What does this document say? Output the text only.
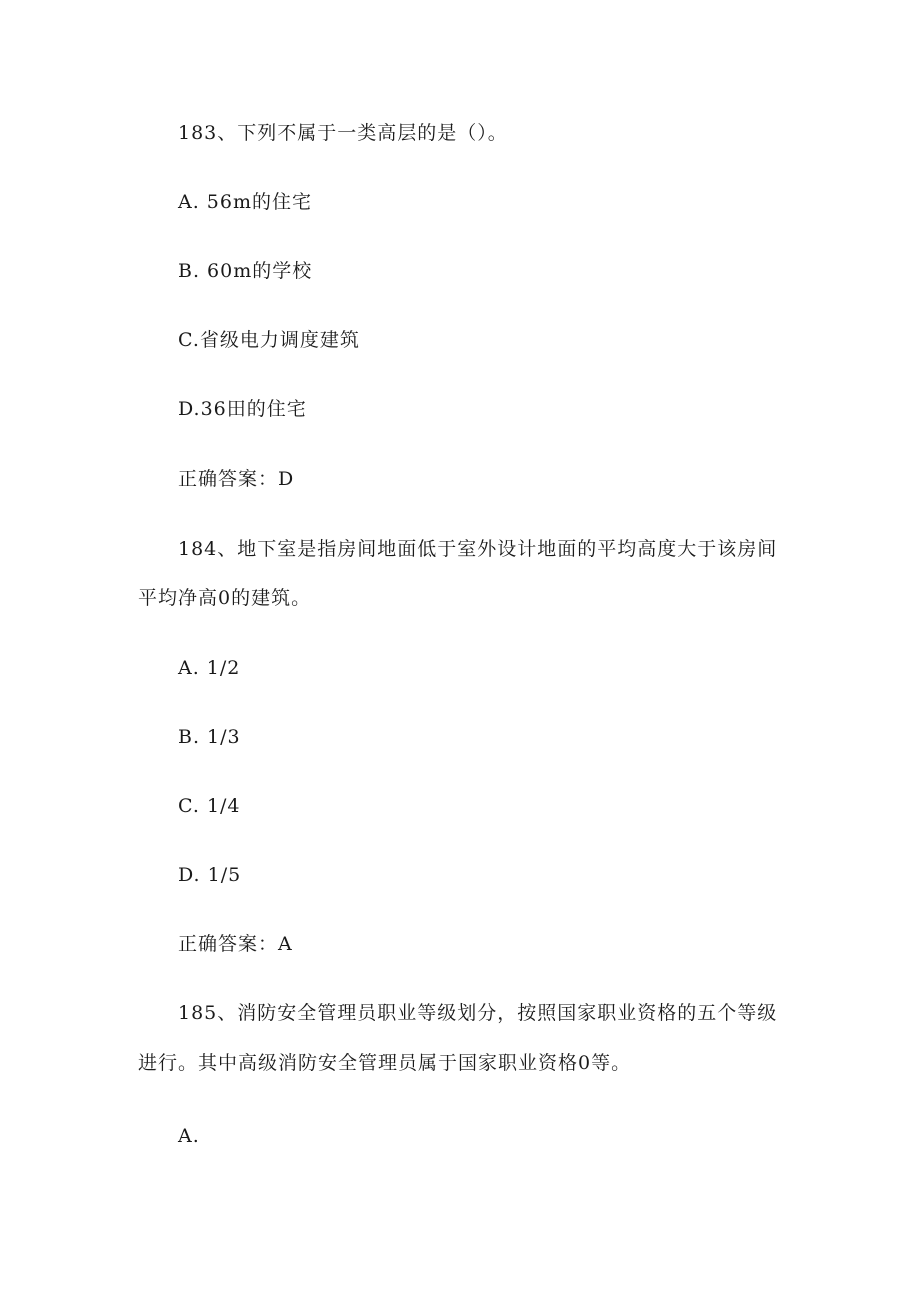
183、下列不属于一类高层的是（）。
A. 56m的住宅
B. 60m的学校
C.省级电力调度建筑
D.36田的住宅
正确答案：D
184、地下室是指房间地面低于室外设计地面的平均高度大于该房间
平均净高0的建筑。
A. 1/2
B. 1/3
C. 1/4
D. 1/5
正确答案：A
185、消防安全管理员职业等级划分，按照国家职业资格的五个等级
进行。其中高级消防安全管理员属于国家职业资格0等。
A.
